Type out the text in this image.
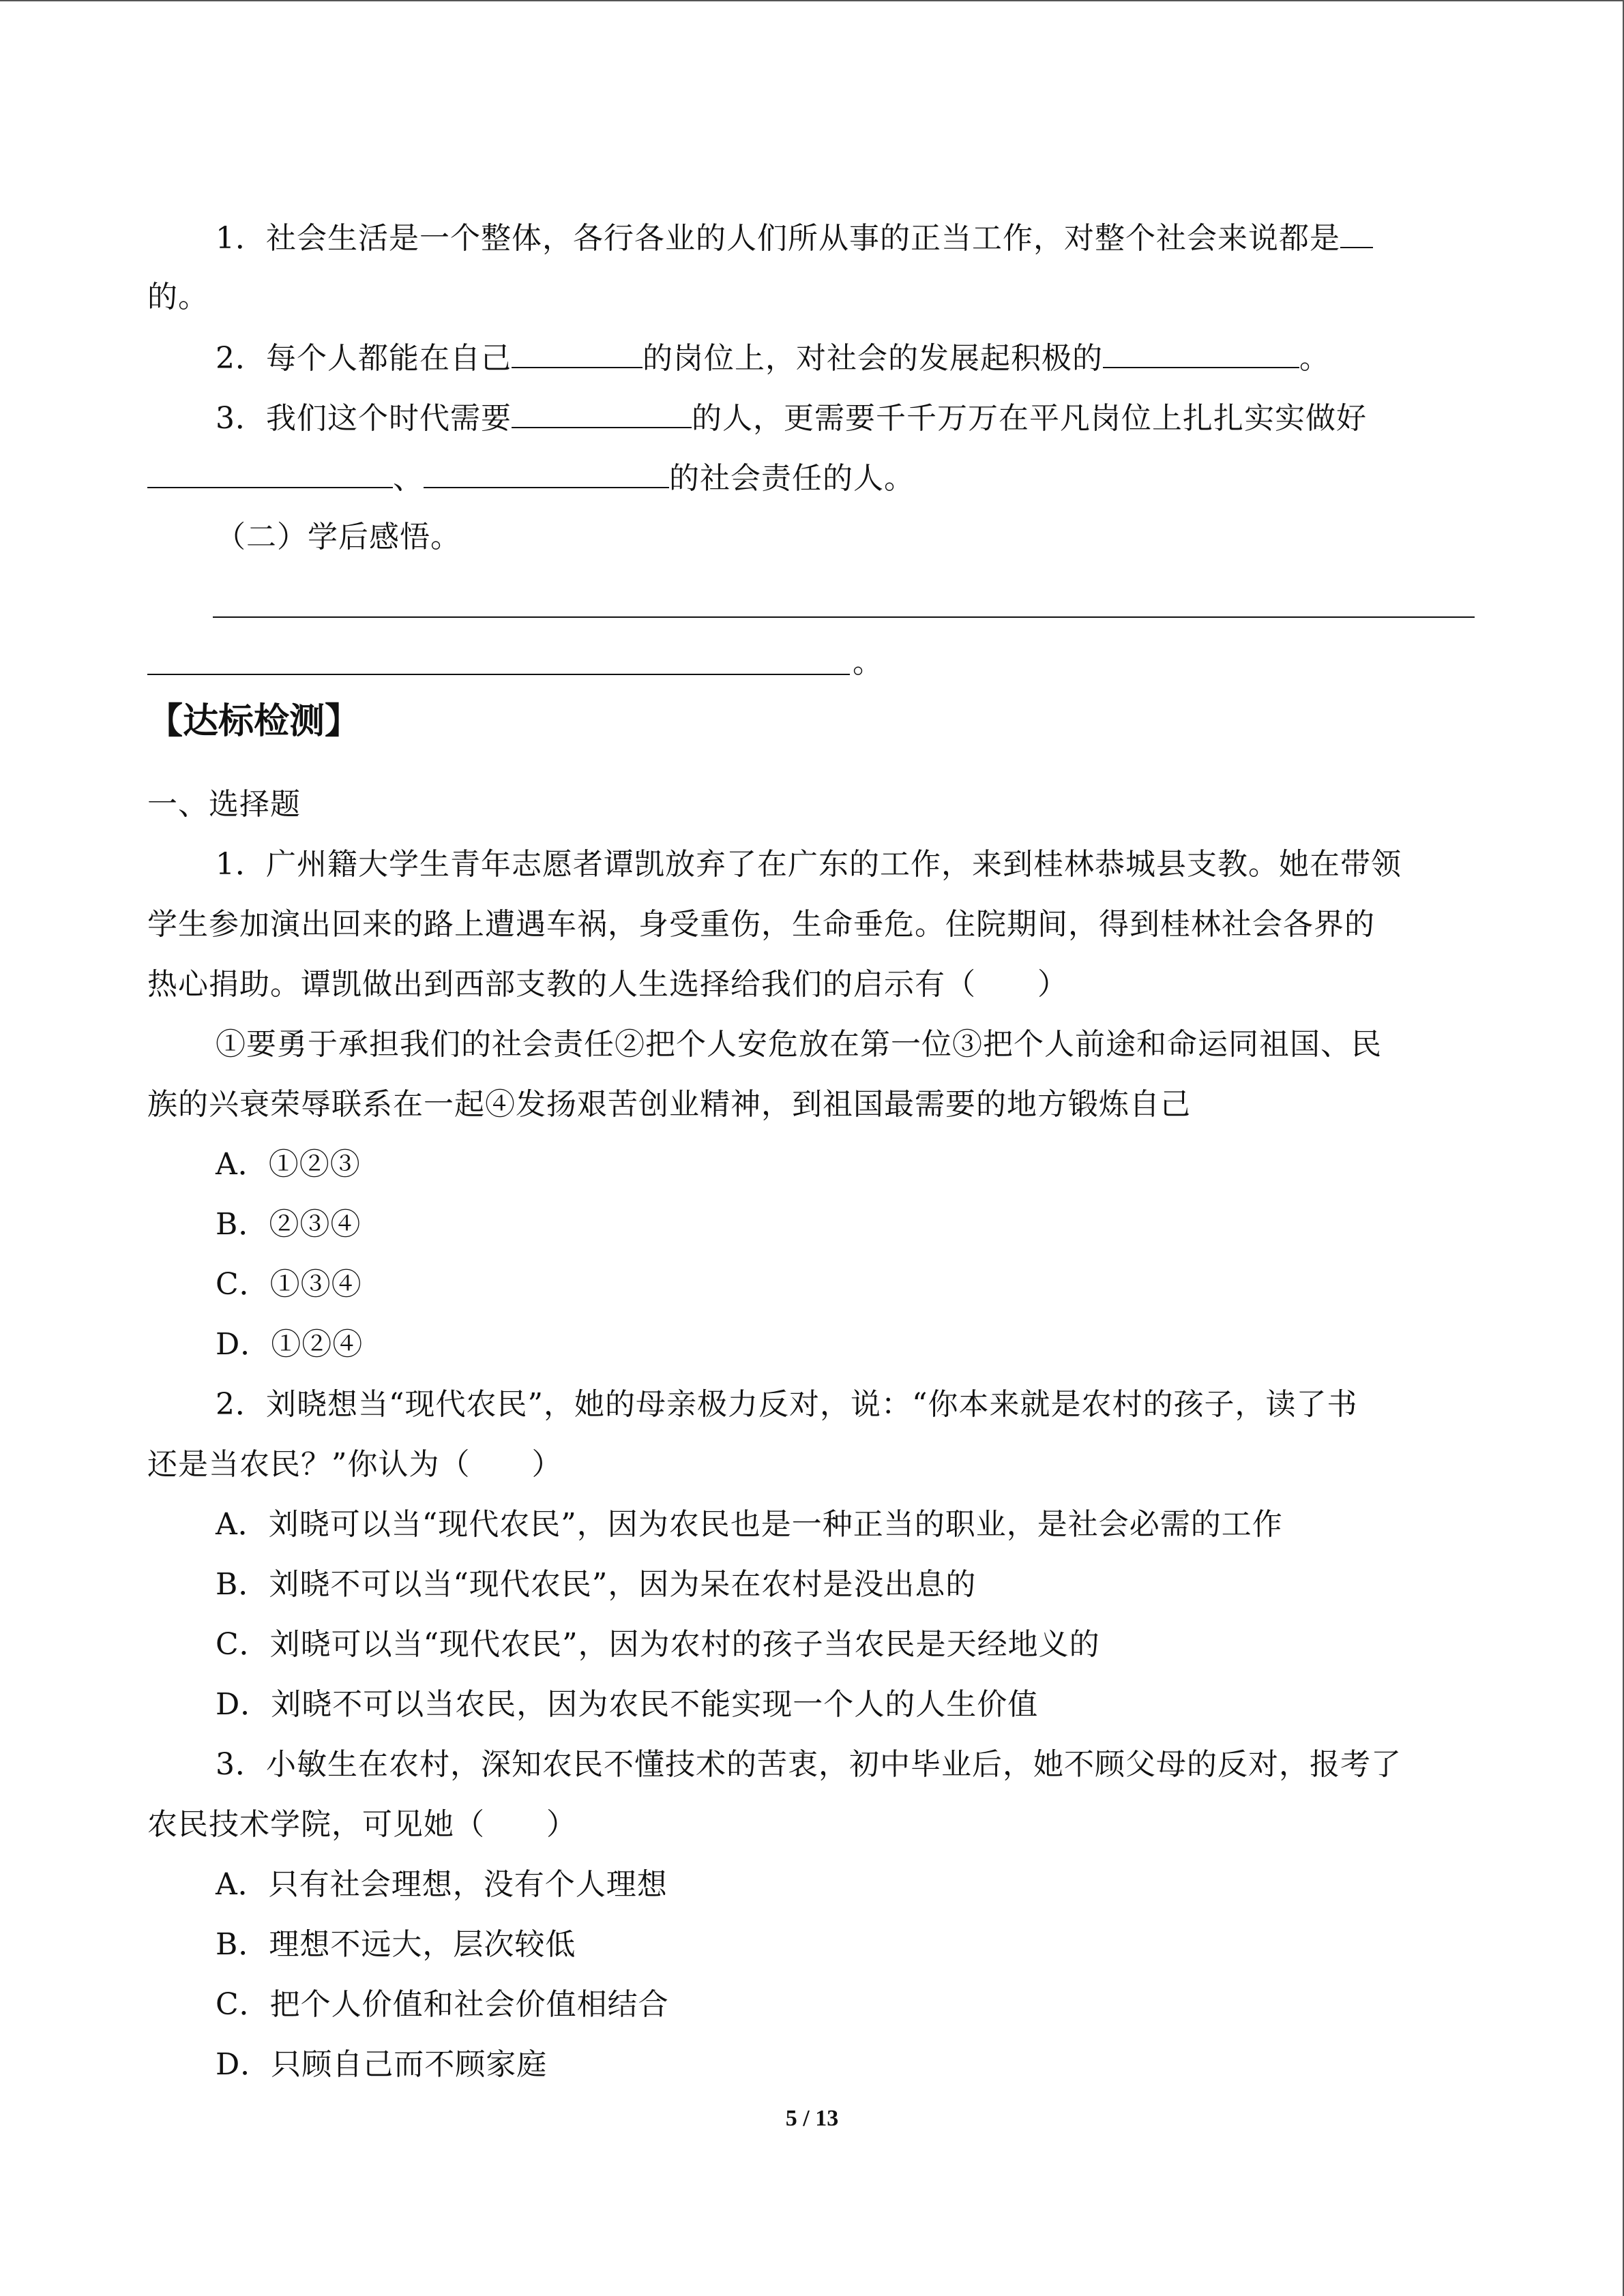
1．社会生活是一个整体，各行各业的人们所从事的正当工作，对整个社会来说都是
的。
2．每个人都能在自己	的岗位上，对社会的发展起积极的	。
3．我们这个时代需要	的人，更需要千千万万在平凡岗位上扎扎实实做好
、	的社会责任的人。
（二）学后感悟。
。
【达标检测】
一、选择题
1．广州籍大学生青年志愿者谭凯放弃了在广东的工作，来到桂林恭城县支教。她在带领
学生参加演出回来的路上遭遇车祸，身受重伤，生命垂危。住院期间，得到桂林社会各界的
热心捐助。谭凯做出到西部支教的人生选择给我们的启示有（　　）
①要勇于承担我们的社会责任②把个人安危放在第一位③把个人前途和命运同祖国、民
族的兴衰荣辱联系在一起④发扬艰苦创业精神，到祖国最需要的地方锻炼自己
A．①②③
B．②③④
C．①③④
D．①②④
2．刘晓想当“现代农民”，她的母亲极力反对，说：“你本来就是农村的孩子，读了书
还是当农民？”你认为（　　）
A．刘晓可以当“现代农民”，因为农民也是一种正当的职业，是社会必需的工作
B．刘晓不可以当“现代农民”，因为呆在农村是没出息的
C．刘晓可以当“现代农民”，因为农村的孩子当农民是天经地义的
D．刘晓不可以当农民，因为农民不能实现一个人的人生价值
3．小敏生在农村，深知农民不懂技术的苦衷，初中毕业后，她不顾父母的反对，报考了
农民技术学院，可见她（　　）
A．只有社会理想，没有个人理想
B．理想不远大，层次较低
C．把个人价值和社会价值相结合
D．只顾自己而不顾家庭
5 / 13
